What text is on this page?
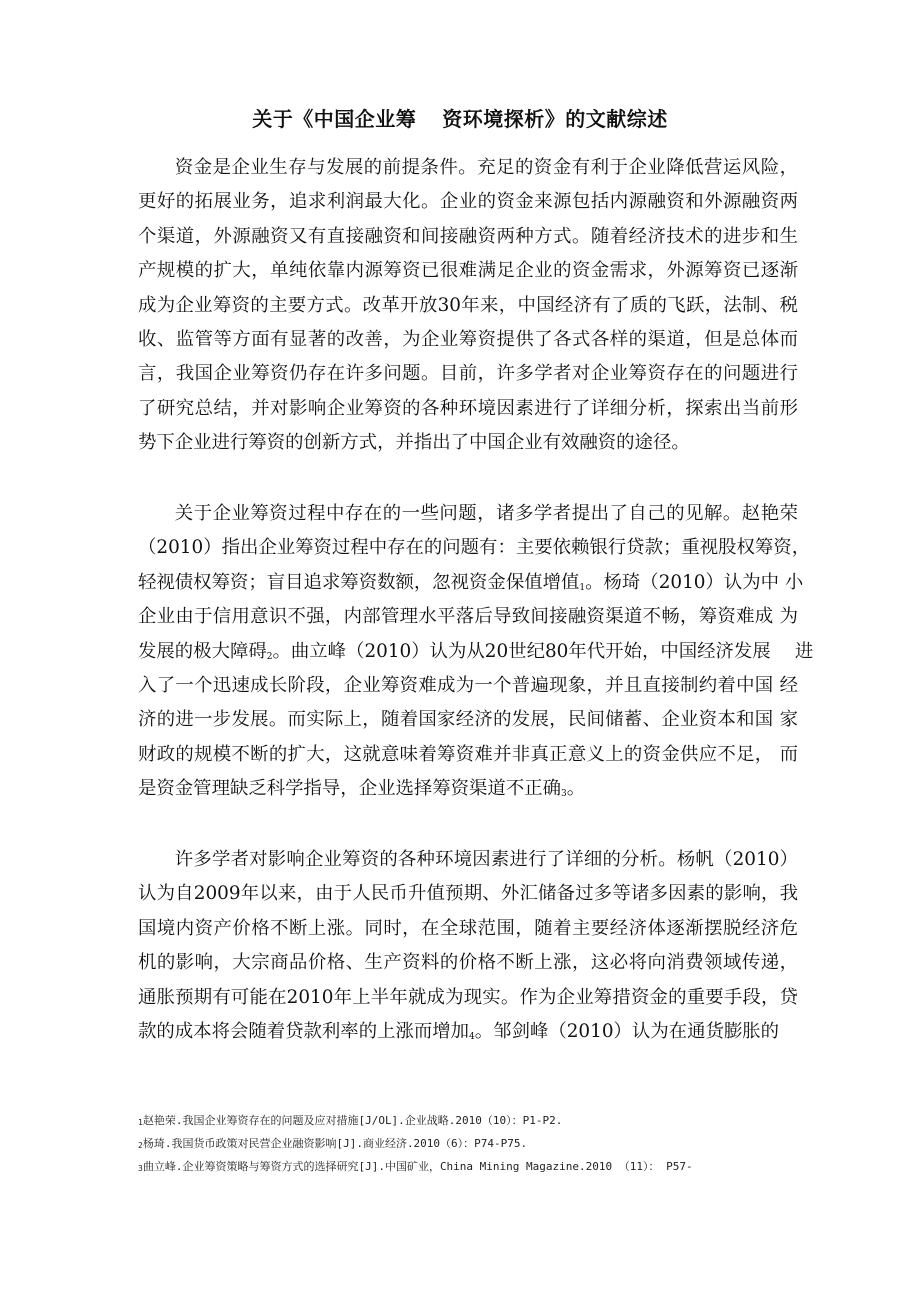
关于《中国企业筹 资环境探析》的文献综述

资金是企业生存与发展的前提条件。充足的资金有利于企业降低营运风险，
更好的拓展业务，追求利润最大化。企业的资金来源包括内源融资和外源融资两
个渠道，外源融资又有直接融资和间接融资两种方式。随着经济技术的进步和生
产规模的扩大，单纯依靠内源筹资已很难满足企业的资金需求，外源筹资已逐渐
成为企业筹资的主要方式。改革开放30年来，中国经济有了质的飞跃，法制、税
收、监管等方面有显著的改善，为企业筹资提供了各式各样的渠道，但是总体而
言，我国企业筹资仍存在许多问题。目前，许多学者对企业筹资存在的问题进行
了研究总结，并对影响企业筹资的各种环境因素进行了详细分析，探索出当前形
势下企业进行筹资的创新方式，并指出了中国企业有效融资的途径。

关于企业筹资过程中存在的一些问题，诸多学者提出了自己的见解。赵艳荣
（2010）指出企业筹资过程中存在的问题有：主要依赖银行贷款；重视股权筹资，
轻视债权筹资；盲目追求筹资数额，忽视资金保值增值$^1$。杨琦（2010）认为中 小
企业由于信用意识不强，内部管理水平落后导致间接融资渠道不畅，筹资难成 为
发展的极大障碍$^2$。曲立峰（2010）认为从20世纪80年代开始，中国经济发展　 进
入了一个迅速成长阶段，企业筹资难成为一个普遍现象，并且直接制约着中国 经
济的进一步发展。而实际上，随着国家经济的发展，民间储蓄、企业资本和国 家
财政的规模不断的扩大，这就意味着筹资难并非真正意义上的资金供应不足， 而
是资金管理缺乏科学指导，企业选择筹资渠道不正确$^3$。

许多学者对影响企业筹资的各种环境因素进行了详细的分析。杨帆（2010）
认为自2009年以来，由于人民币升值预期、外汇储备过多等诸多因素的影响，我
国境内资产价格不断上涨。同时，在全球范围，随着主要经济体逐渐摆脱经济危
机的影响，大宗商品价格、生产资料的价格不断上涨，这必将向消费领域传递，
通胀预期有可能在2010年上半年就成为现实。作为企业筹措资金的重要手段，贷
款的成本将会随着贷款利率的上涨而增加$^4$。邹剑峰（2010）认为在通货膨胀的

1赵艳荣.我国企业筹资存在的问题及应对措施[J/OL].企业战略.2010（10）：P1-P2.
2杨琦.我国货币政策对民营企业融资影响[J].商业经济.2010（6）：P74-P75.
3曲立峰.企业筹资策略与筹资方式的选择研究[J].中国矿业，China Mining Magazine.2010 （11）： P57-
